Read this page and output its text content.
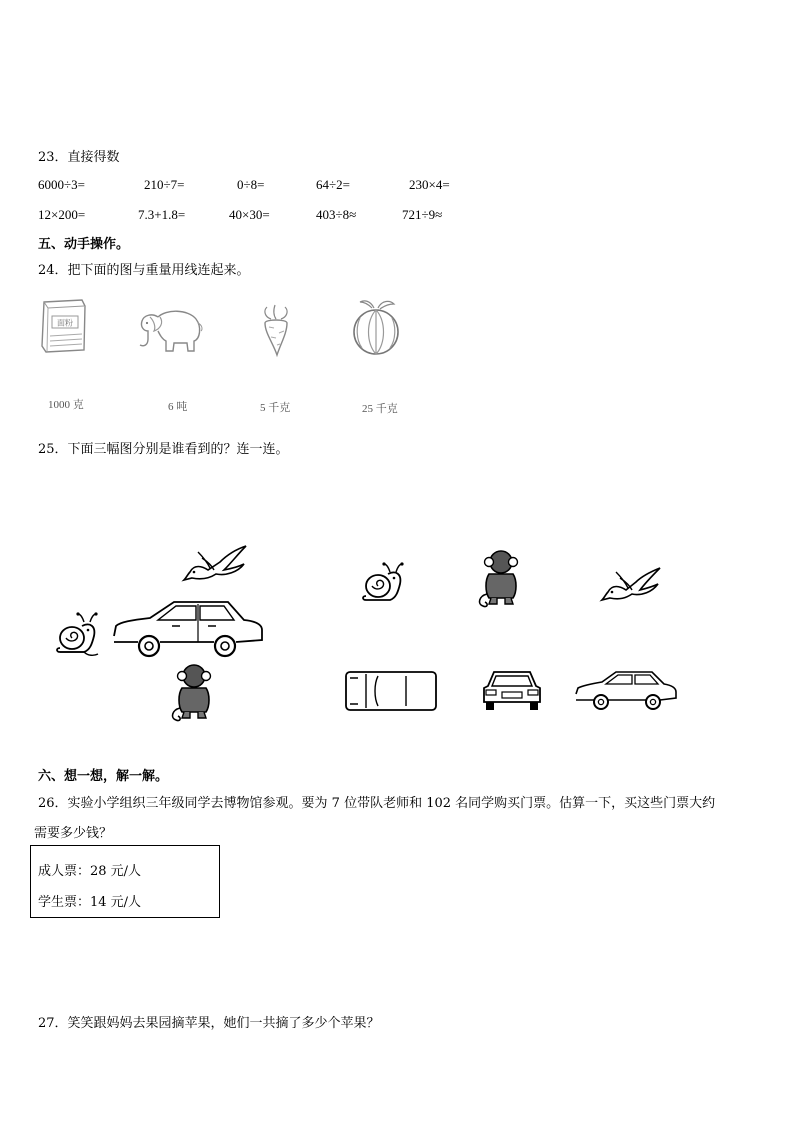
23．直接得数
6000÷3=	210÷7=	0÷8=	64÷2=	230×4=
12×200=	7.3+1.8=	40×30=	403÷8≈	721÷9≈
五、动手操作。
24．把下面的图与重量用线连起来。
面粉
1000 克	6 吨	5 千克	25 千克
25．下面三幅图分别是谁看到的？连一连。
六、想一想，解一解。
26．实验小学组织三年级同学去博物馆参观。要为 7 位带队老师和 102 名同学购买门票。估算一下，买这些门票大约
需要多少钱？
成人票：28 元/人
学生票：14 元/人
27．笑笑跟妈妈去果园摘苹果，她们一共摘了多少个苹果？
